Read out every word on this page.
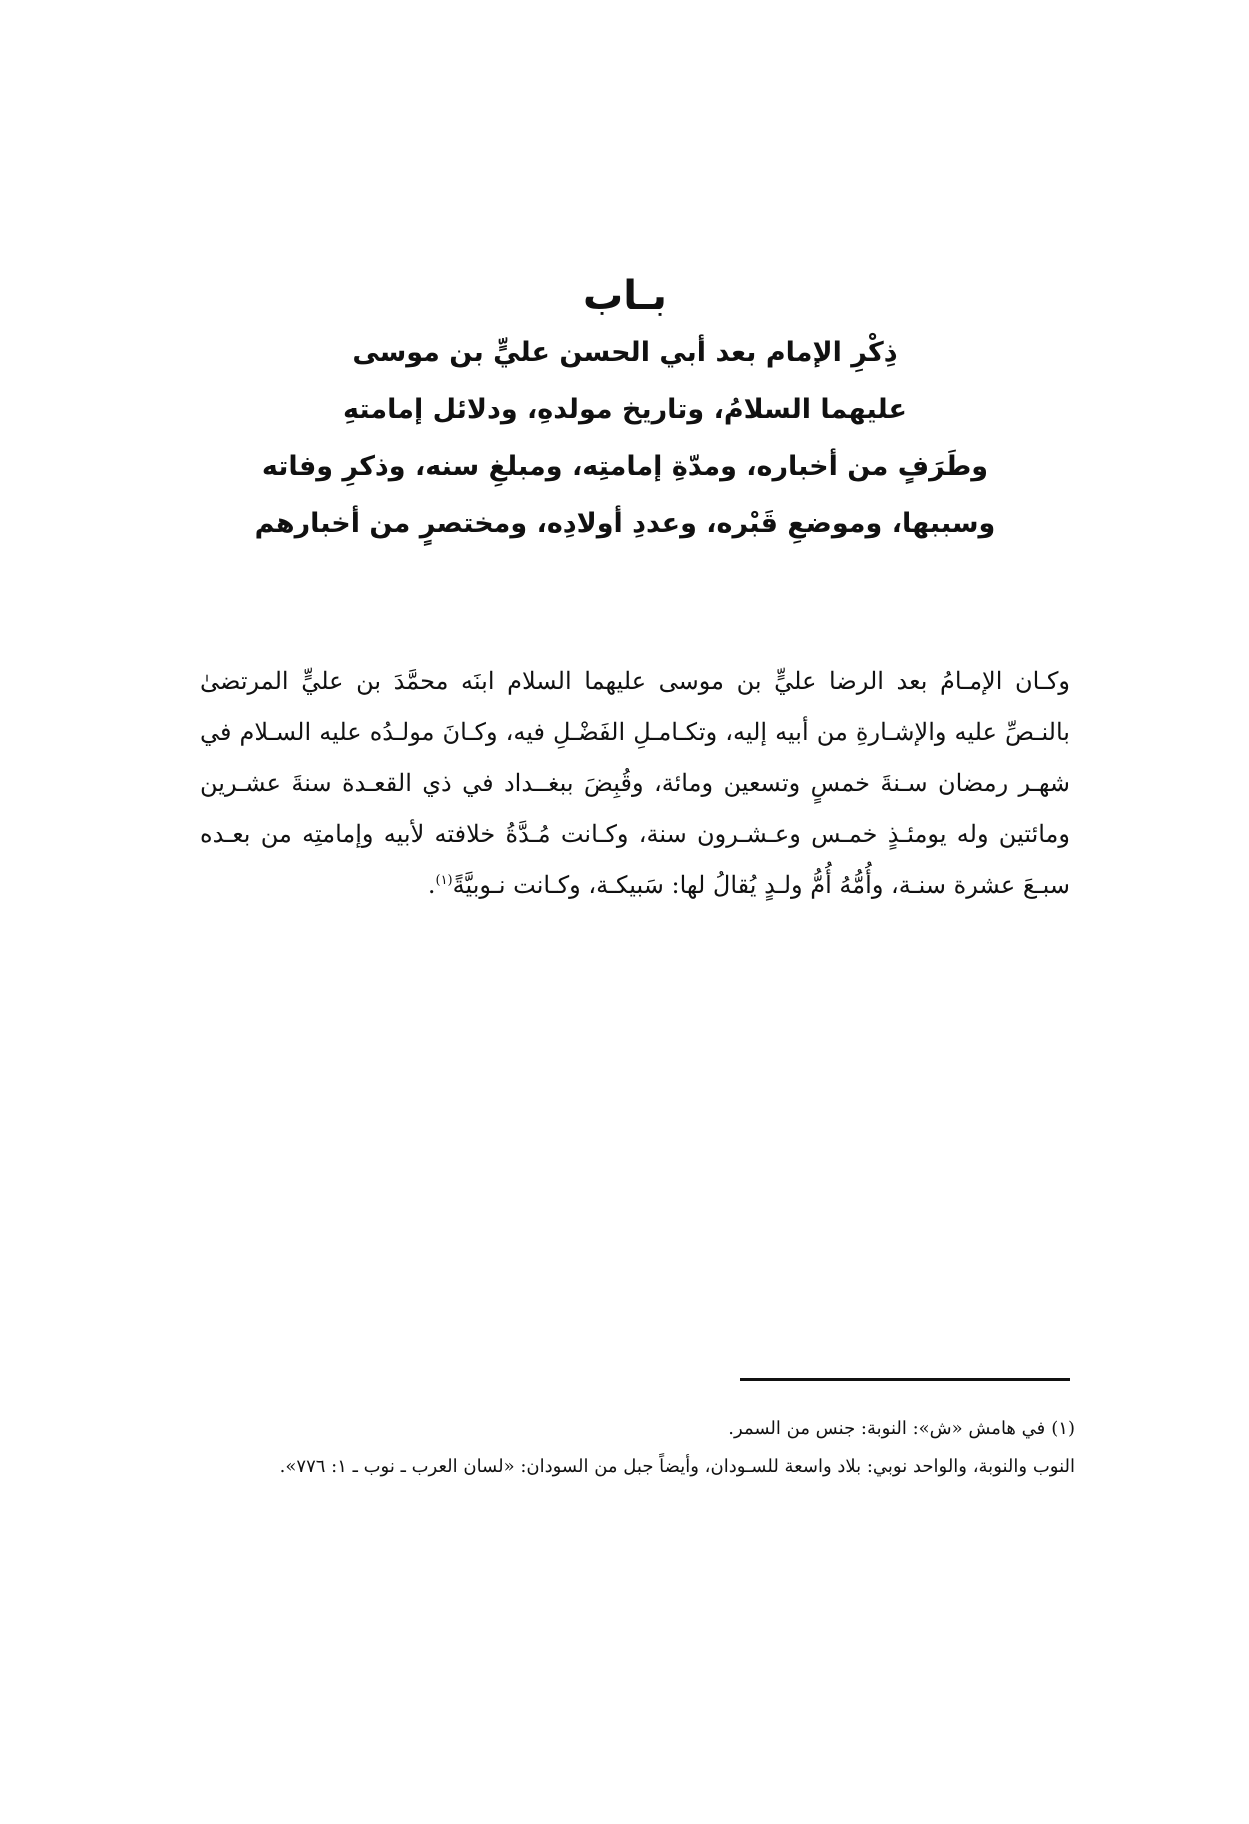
بـاب
ذِكْرِ الإمام بعد أبي الحسن عليٍّ بن موسى
عليهما السلامُ، وتاريخ مولدهِ، ودلائل إمامتهِ
وطَرَفٍ من أخباره، ومدّةِ إمامتِه، ومبلغِ سنه، وذكرِ وفاته
وسببها، وموضعِ قَبْره، وعددِ أولادِه، ومختصرٍ من أخبارهم

وكـان الإمـامُ بعد الرضا عليٍّ بن موسى عليهما السلام ابنَه محمَّدَ بن عليٍّ المرتضىٰ بالنـصِّ عليه والإشـارةِ من أبيه إليه، وتكـامـلِ الفَضْـلِ فيه، وكـانَ مولـدُه عليه السـلام في شهـر رمضان سـنةَ خمسٍ وتسعين ومائة، وقُبِضَ ببغــداد في ذي القعـدة سنةَ عشـرين ومائتين وله يومئـذٍ خمـس وعـشـرون سنة، وكـانت مُـدَّةُ خلافته لأبيه وإمامتِه من بعـده سبـعَ عشرة سنـة، وأُمُّهُ أُمُّ ولـدٍ يُقالُ لها: سَبيكـة، وكـانت نـوبيَّةً$^{(١)}$.

(١)في هامش «ش»: النوبة: جنس من السمر.
النوب والنوبة، والواحد نوبي: بلاد واسعة للسـودان، وأيضاً جبل من السودان: «لسان العرب ـ نوب ـ ١: ٧٧٦».
